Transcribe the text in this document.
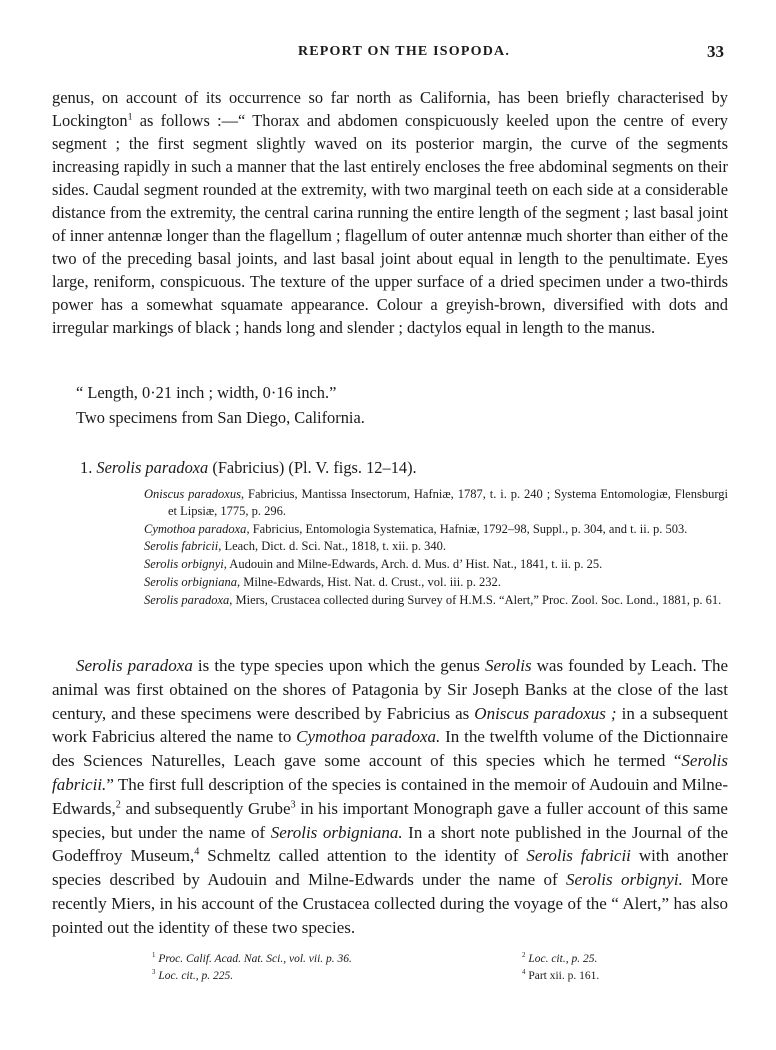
REPORT ON THE ISOPODA.	33
genus, on account of its occurrence so far north as California, has been briefly characterised by Lockington$^1$ as follows :—“ Thorax and abdomen conspicuously keeled upon the centre of every segment ; the first segment slightly waved on its posterior margin, the curve of the segments increasing rapidly in such a manner that the last entirely encloses the free abdominal segments on their sides. Caudal segment rounded at the extremity, with two marginal teeth on each side at a considerable distance from the extremity, the central carina running the entire length of the segment ; last basal joint of inner antennæ longer than the flagellum ; flagellum of outer antennæ much shorter than either of the two of the preceding basal joints, and last basal joint about equal in length to the penultimate. Eyes large, reniform, conspicuous. The texture of the upper surface of a dried specimen under a two-thirds power has a somewhat squamate appearance. Colour a greyish-brown, diversified with dots and irregular markings of black ; hands long and slender ; dactylos equal in length to the manus.
“ Length, 0·21 inch ; width, 0·16 inch.”
Two specimens from San Diego, California.
1. Serolis paradoxa (Fabricius) (Pl. V. figs. 12–14).

Oniscus paradoxus, Fabricius, Mantissa Insectorum, Hafniæ, 1787, t. i. p. 240 ; Systema Entomologiæ, Flensburgi et Lipsiæ, 1775, p. 296.

Cymothoa paradoxa, Fabricius, Entomologia Systematica, Hafniæ, 1792–98, Suppl., p. 304, and t. ii. p. 503.

Serolis fabricii, Leach, Dict. d. Sci. Nat., 1818, t. xii. p. 340.

Serolis orbignyi, Audouin and Milne-Edwards, Arch. d. Mus. d’ Hist. Nat., 1841, t. ii. p. 25.

Serolis orbigniana, Milne-Edwards, Hist. Nat. d. Crust., vol. iii. p. 232.

Serolis paradoxa, Miers, Crustacea collected during Survey of H.M.S. “Alert,” Proc. Zool. Soc. Lond., 1881, p. 61.

Serolis paradoxa is the type species upon which the genus Serolis was founded by Leach. The animal was first obtained on the shores of Patagonia by Sir Joseph Banks at the close of the last century, and these specimens were described by Fabricius as Oniscus paradoxus ; in a subsequent work Fabricius altered the name to Cymothoa paradoxa. In the twelfth volume of the Dictionnaire des Sciences Naturelles, Leach gave some account of this species which he termed “Serolis fabricii.” The first full description of the species is contained in the memoir of Audouin and Milne-Edwards,$^2$ and subsequently Grube$^3$ in his important Monograph gave a fuller account of this same species, but under the name of Serolis orbigniana. In a short note published in the Journal of the Godeffroy Museum,$^4$ Schmeltz called attention to the identity of Serolis fabricii with another species described by Audouin and Milne-Edwards under the name of Serolis orbignyi. More recently Miers, in his account of the Crustacea collected during the voyage of the “ Alert,” has also pointed out the identity of these two species.
$^1$ Proc. Calif. Acad. Nat. Sci., vol. vii. p. 36.
$^3$ Loc. cit., p. 225.
$^2$ Loc. cit., p. 25.
$^4$ Part xii. p. 161.
